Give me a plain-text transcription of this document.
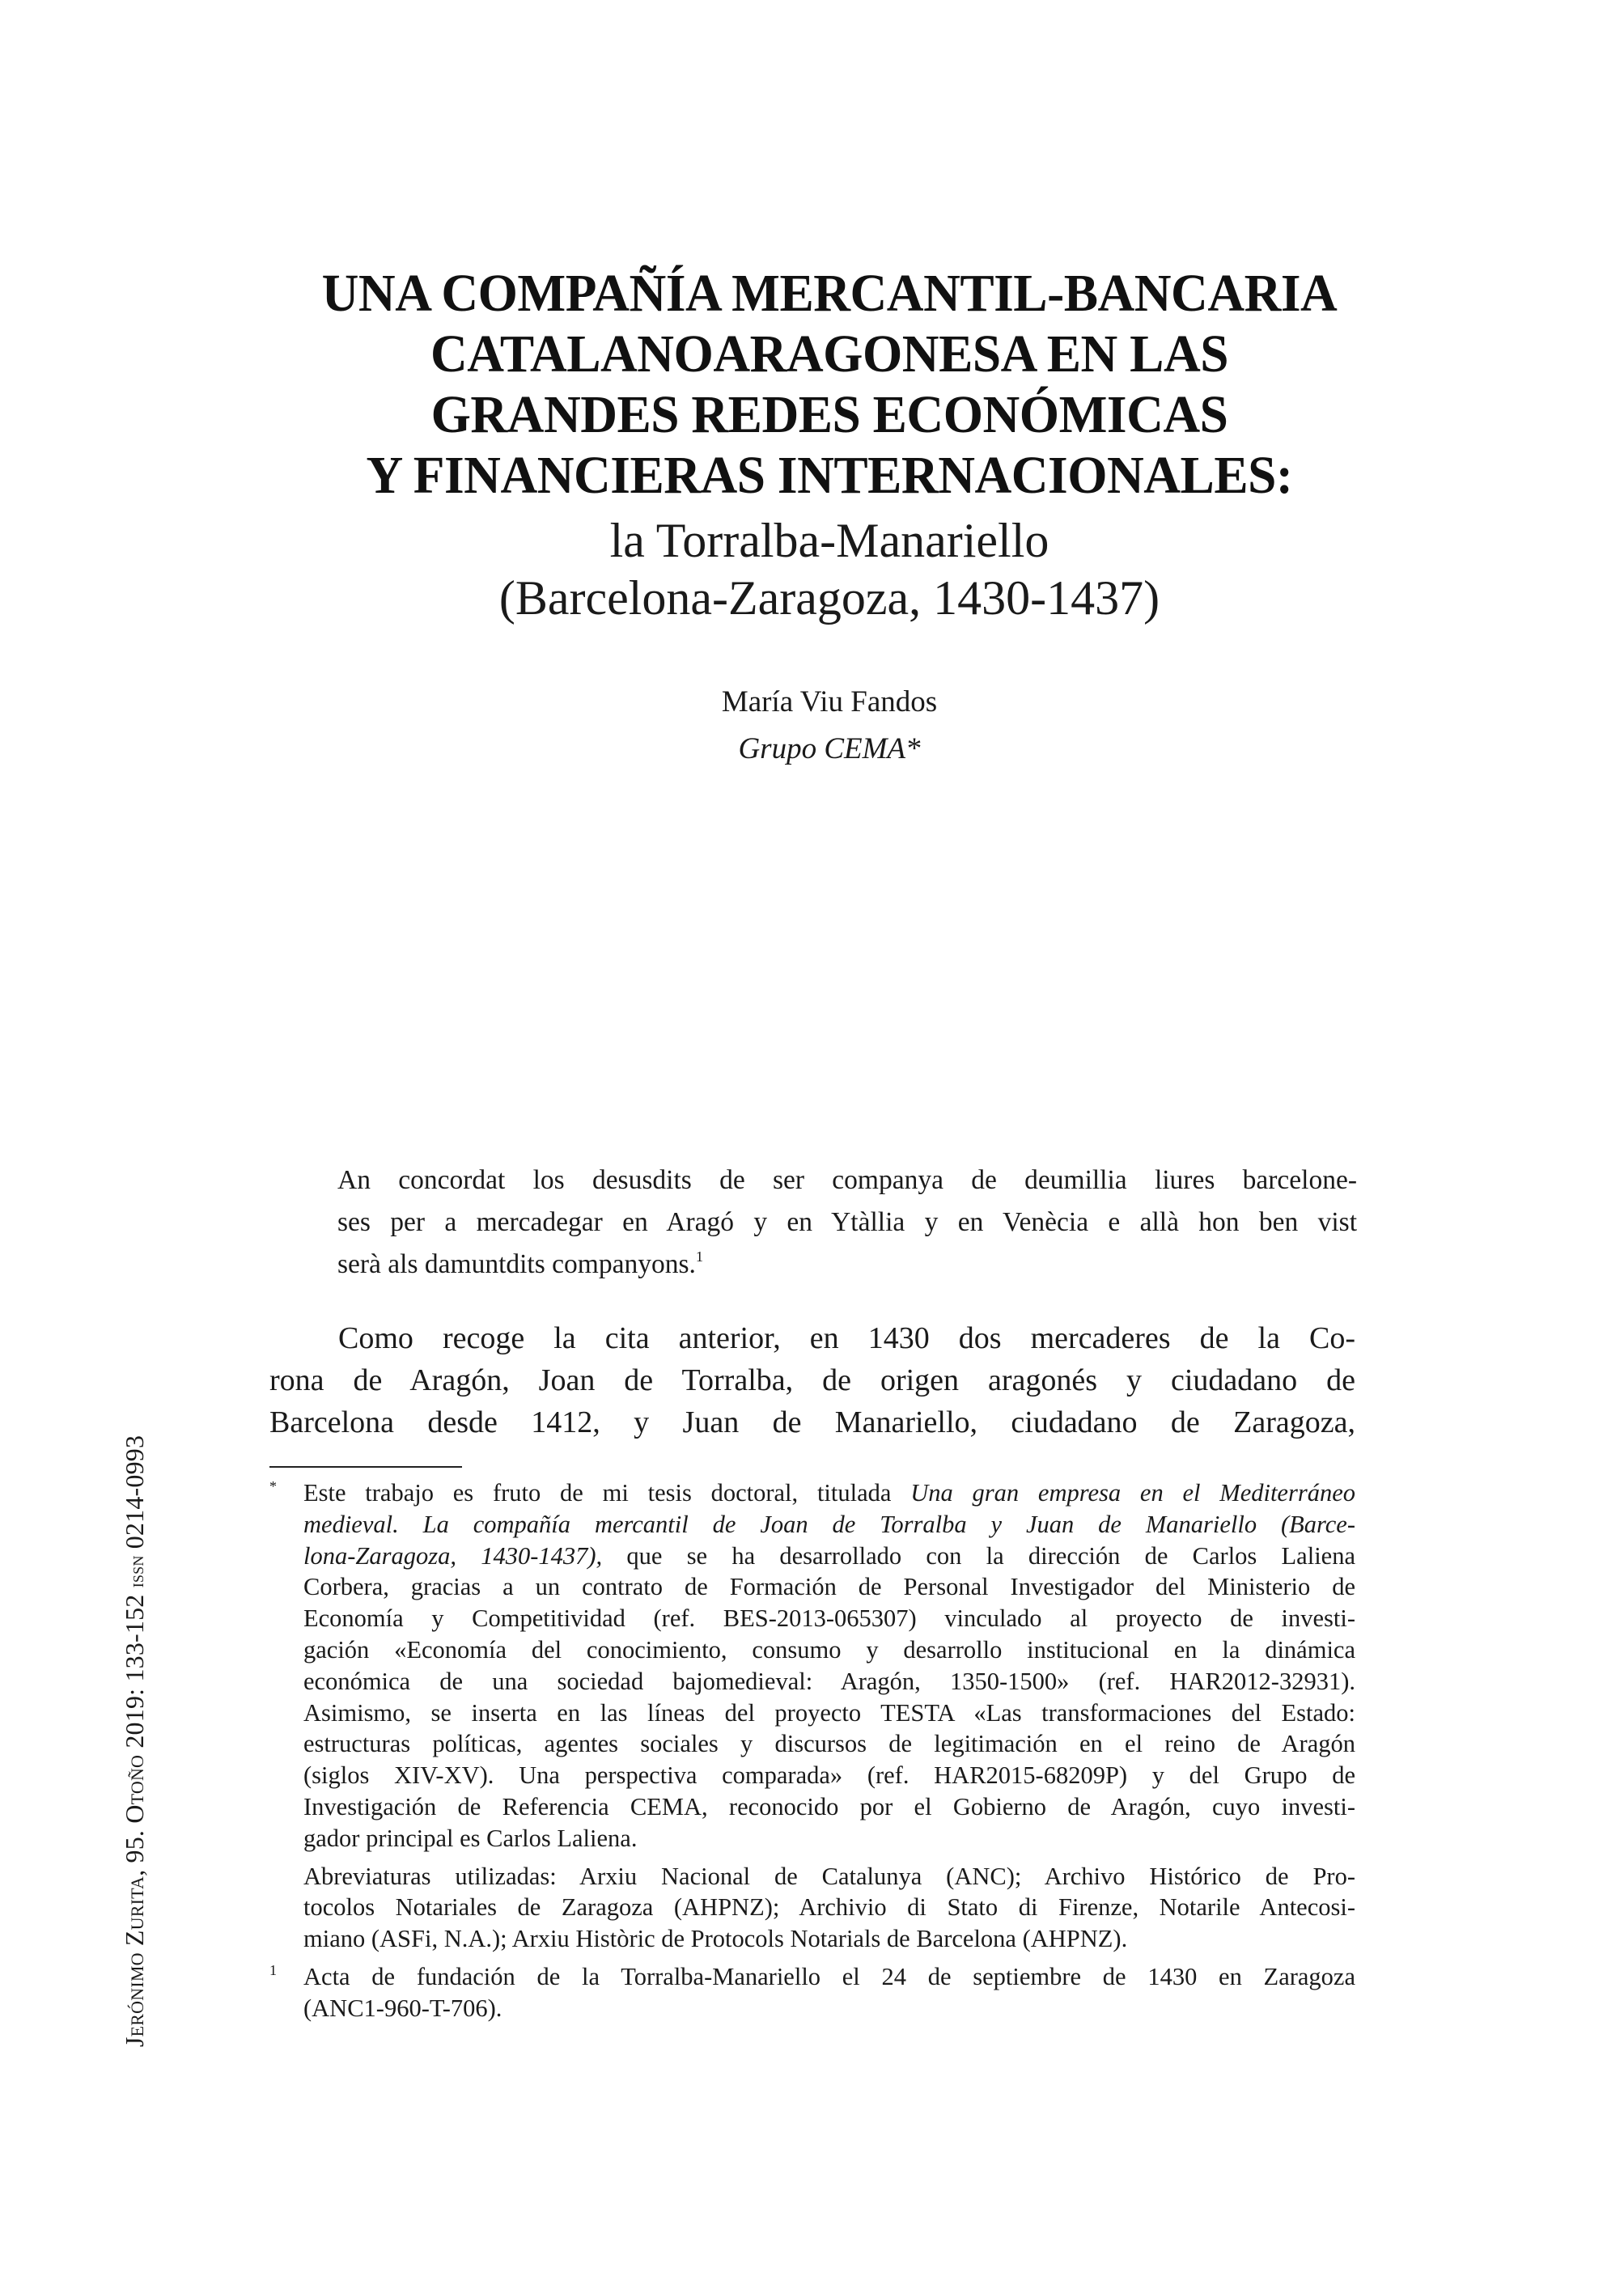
UNA COMPAÑÍA MERCANTIL-BANCARIA
CATALANOARAGONESA EN LAS
GRANDES REDES ECONÓMICAS
Y FINANCIERAS INTERNACIONALES:
la Torralba-Manariello
(Barcelona-Zaragoza, 1430-1437)
María Viu Fandos
Grupo CEMA*
An concordat los desusdits de ser companya de deumillia liures barcelone-
ses per a mercadegar en Aragó y en Ytàllia y en Venècia e allà hon ben vist
serà als damuntdits companyons.$^1$
Como recoge la cita anterior, en 1430 dos mercaderes de la Co-
rona de Aragón, Joan de Torralba, de origen aragonés y ciudadano de
Barcelona desde 1412, y Juan de Manariello, ciudadano de Zaragoza,
* Este trabajo es fruto de mi tesis doctoral, titulada Una gran empresa en el Mediterráneo
medieval. La compañía mercantil de Joan de Torralba y Juan de Manariello (Barce-
lona-Zaragoza, 1430-1437), que se ha desarrollado con la dirección de Carlos Laliena
Corbera, gracias a un contrato de Formación de Personal Investigador del Ministerio de
Economía y Competitividad (ref. BES-2013-065307) vinculado al proyecto de investi-
gación «Economía del conocimiento, consumo y desarrollo institucional en la dinámica
económica de una sociedad bajomedieval: Aragón, 1350-1500» (ref. HAR2012-32931).
Asimismo, se inserta en las líneas del proyecto TESTA «Las transformaciones del Estado:
estructuras políticas, agentes sociales y discursos de legitimación en el reino de Aragón
(siglos XIV-XV). Una perspectiva comparada» (ref. HAR2015-68209P) y del Grupo de
Investigación de Referencia CEMA, reconocido por el Gobierno de Aragón, cuyo investi-
gador principal es Carlos Laliena.
Abreviaturas utilizadas: Arxiu Nacional de Catalunya (ANC); Archivo Histórico de Pro-
tocolos Notariales de Zaragoza (AHPNZ); Archivio di Stato di Firenze, Notarile Antecosi-
miano (ASFi, N.A.); Arxiu Històric de Protocols Notarials de Barcelona (AHPNZ).
1 Acta de fundación de la Torralba-Manariello el 24 de septiembre de 1430 en Zaragoza
(ANC1-960-T-706).
Jerónimo Zurita, 95. Otoño 2019: 133-152 issn 0214-0993
